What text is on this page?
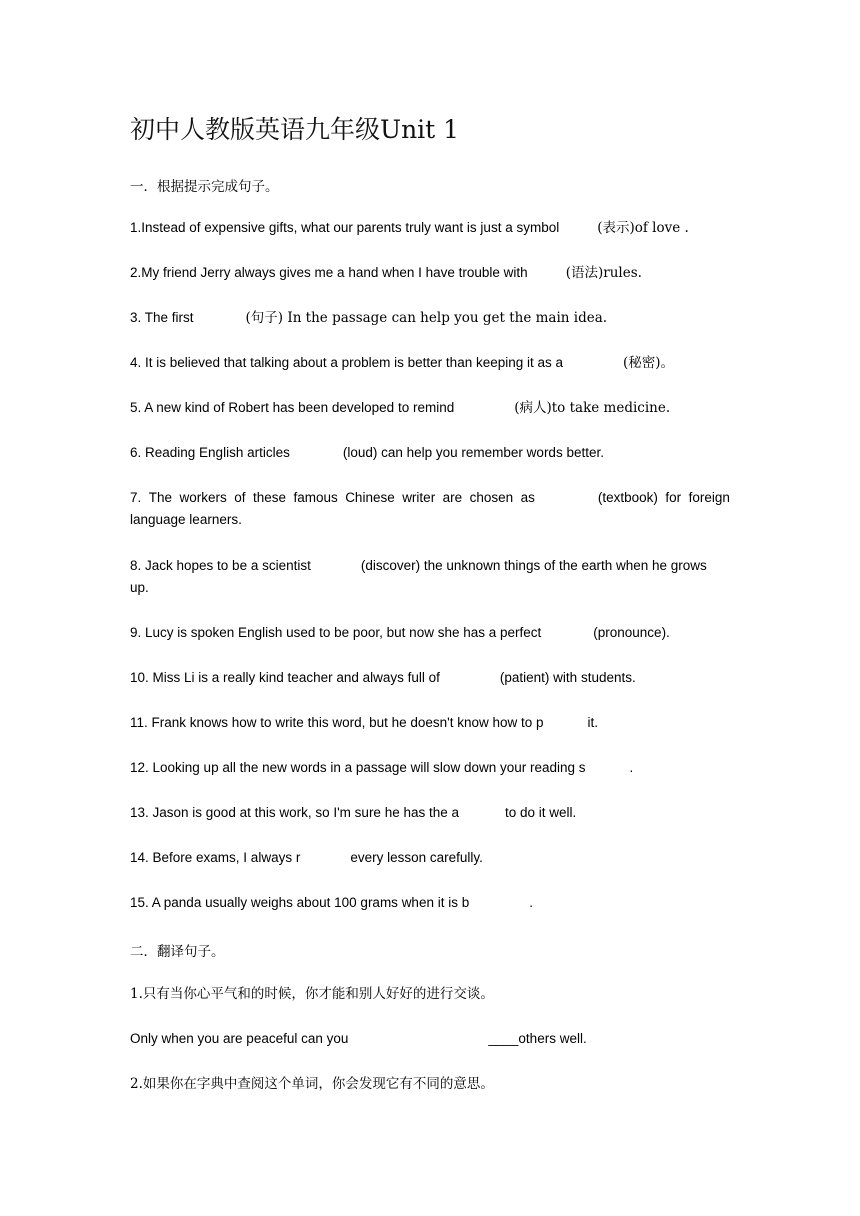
初中人教版英语九年级Unit 1
一．根据提示完成句子。
1.Instead of expensive gifts, what our parents truly want is just a symbol	(表示)of love .
2.My friend Jerry always gives me a hand when I have trouble with	(语法)rules.
3. The first	(句子) In the passage can help you get the main idea.
4. It is believed that talking about a problem is better than keeping it as a	(秘密)。
5. A new kind of Robert has been developed to remind	(病人)to take medicine.
6. Reading English articles	(loud) can help you remember words better.
7. The workers of these famous Chinese writer are chosen as	(textbook) for foreign
language learners.
8. Jack hopes to be a scientist	(discover) the unknown things of the earth when he grows
up.
9. Lucy is spoken English used to be poor, but now she has a perfect	(pronounce).
10. Miss Li is a really kind teacher and always full of	(patient) with students.
11. Frank knows how to write this word, but he doesn't know how to p	it.
12. Looking up all the new words in a passage will slow down your reading s	.
13. Jason is good at this work, so I'm sure he has the a	to do it well.
14. Before exams, I always r	every lesson carefully.
15. A panda usually weighs about 100 grams when it is b	.
二．翻译句子。
1.只有当你心平气和的时候，你才能和别人好好的进行交谈。
Only when you are peaceful can you	____others well.
2.如果你在字典中查阅这个单词，你会发现它有不同的意思。
